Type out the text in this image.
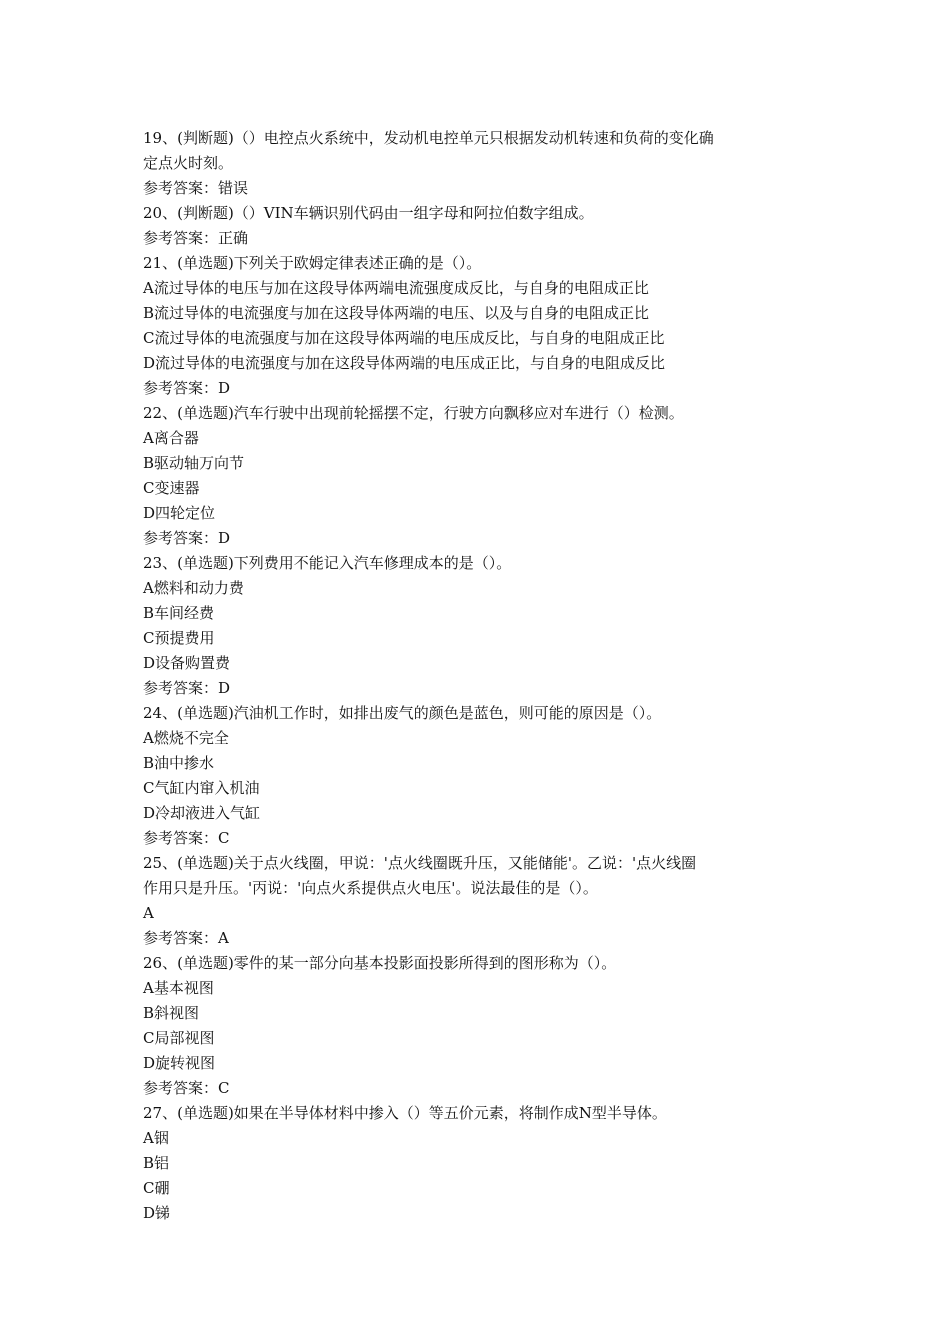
19、(判断题)（）电控点火系统中，发动机电控单元只根据发动机转速和负荷的变化确

定点火时刻。

参考答案：错误

20、(判断题)（）VIN车辆识别代码由一组字母和阿拉伯数字组成。

参考答案：正确

21、(单选题)下列关于欧姆定律表述正确的是（）。

A流过导体的电压与加在这段导体两端电流强度成反比，与自身的电阻成正比

B流过导体的电流强度与加在这段导体两端的电压、以及与自身的电阻成正比

C流过导体的电流强度与加在这段导体两端的电压成反比，与自身的电阻成正比

D流过导体的电流强度与加在这段导体两端的电压成正比，与自身的电阻成反比

参考答案：D

22、(单选题)汽车行驶中出现前轮摇摆不定，行驶方向飘移应对车进行（）检测。

A离合器

B驱动轴万向节

C变速器

D四轮定位

参考答案：D

23、(单选题)下列费用不能记入汽车修理成本的是（）。

A燃料和动力费

B车间经费

C预提费用

D设备购置费

参考答案：D

24、(单选题)汽油机工作时，如排出废气的颜色是蓝色，则可能的原因是（）。

A燃烧不完全

B油中掺水

C气缸内窜入机油

D冷却液进入气缸

参考答案：C

25、(单选题)关于点火线圈，甲说：'点火线圈既升压，又能储能'。乙说：'点火线圈

作用只是升压。'丙说：'向点火系提供点火电压'。说法最佳的是（）。

A

参考答案：A

26、(单选题)零件的某一部分向基本投影面投影所得到的图形称为（）。

A基本视图

B斜视图

C局部视图

D旋转视图

参考答案：C

27、(单选题)如果在半导体材料中掺入（）等五价元素，将制作成N型半导体。

A铟

B铝

C硼

D锑
